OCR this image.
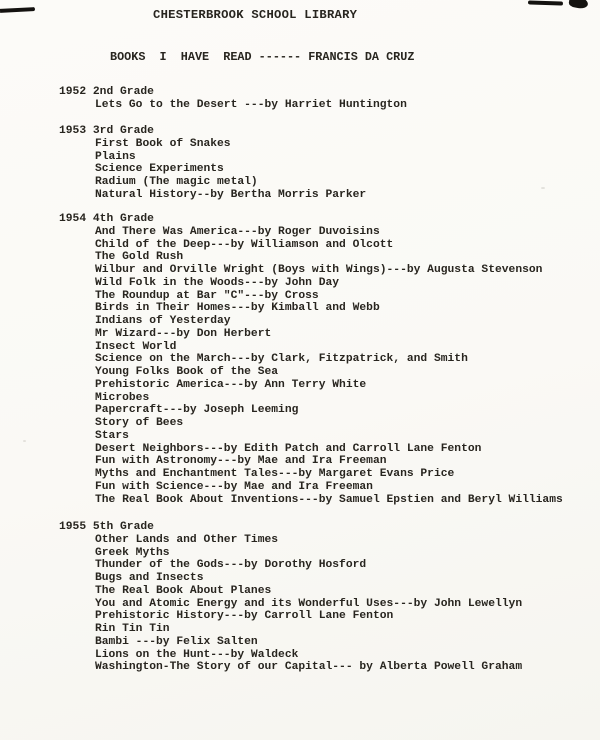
CHESTERBROOK SCHOOL LIBRARY
BOOKS  I  HAVE  READ ------ FRANCIS DA CRUZ
1952 2nd Grade
Lets Go to the Desert ---by Harriet Huntington
1953 3rd Grade
First Book of Snakes
Plains
Science Experiments
Radium (The magic metal)
Natural History--by Bertha Morris Parker
1954 4th Grade
And There Was America---by Roger Duvoisins
Child of the Deep---by Williamson and Olcott
The Gold Rush
Wilbur and Orville Wright (Boys with Wings)---by Augusta Stevenson
Wild Folk in the Woods---by John Day
The Roundup at Bar "C"---by Cross
Birds in Their Homes---by Kimball and Webb
Indians of Yesterday
Mr Wizard---by Don Herbert
Insect World
Science on the March---by Clark, Fitzpatrick, and Smith
Young Folks Book of the Sea
Prehistoric America---by Ann Terry White
Microbes
Papercraft---by Joseph Leeming
Story of Bees
Stars
Desert Neighbors---by Edith Patch and Carroll Lane Fenton
Fun with Astronomy---by Mae and Ira Freeman
Myths and Enchantment Tales---by Margaret Evans Price
Fun with Science---by Mae and Ira Freeman
The Real Book About Inventions---by Samuel Epstien and Beryl Williams
1955 5th Grade
Other Lands and Other Times
Greek Myths
Thunder of the Gods---by Dorothy Hosford
Bugs and Insects
The Real Book About Planes
You and Atomic Energy and its Wonderful Uses---by John Lewellyn
Prehistoric History---by Carroll Lane Fenton
Rin Tin Tin
Bambi ---by Felix Salten
Lions on the Hunt---by Waldeck
Washington-The Story of our Capital--- by Alberta Powell Graham
